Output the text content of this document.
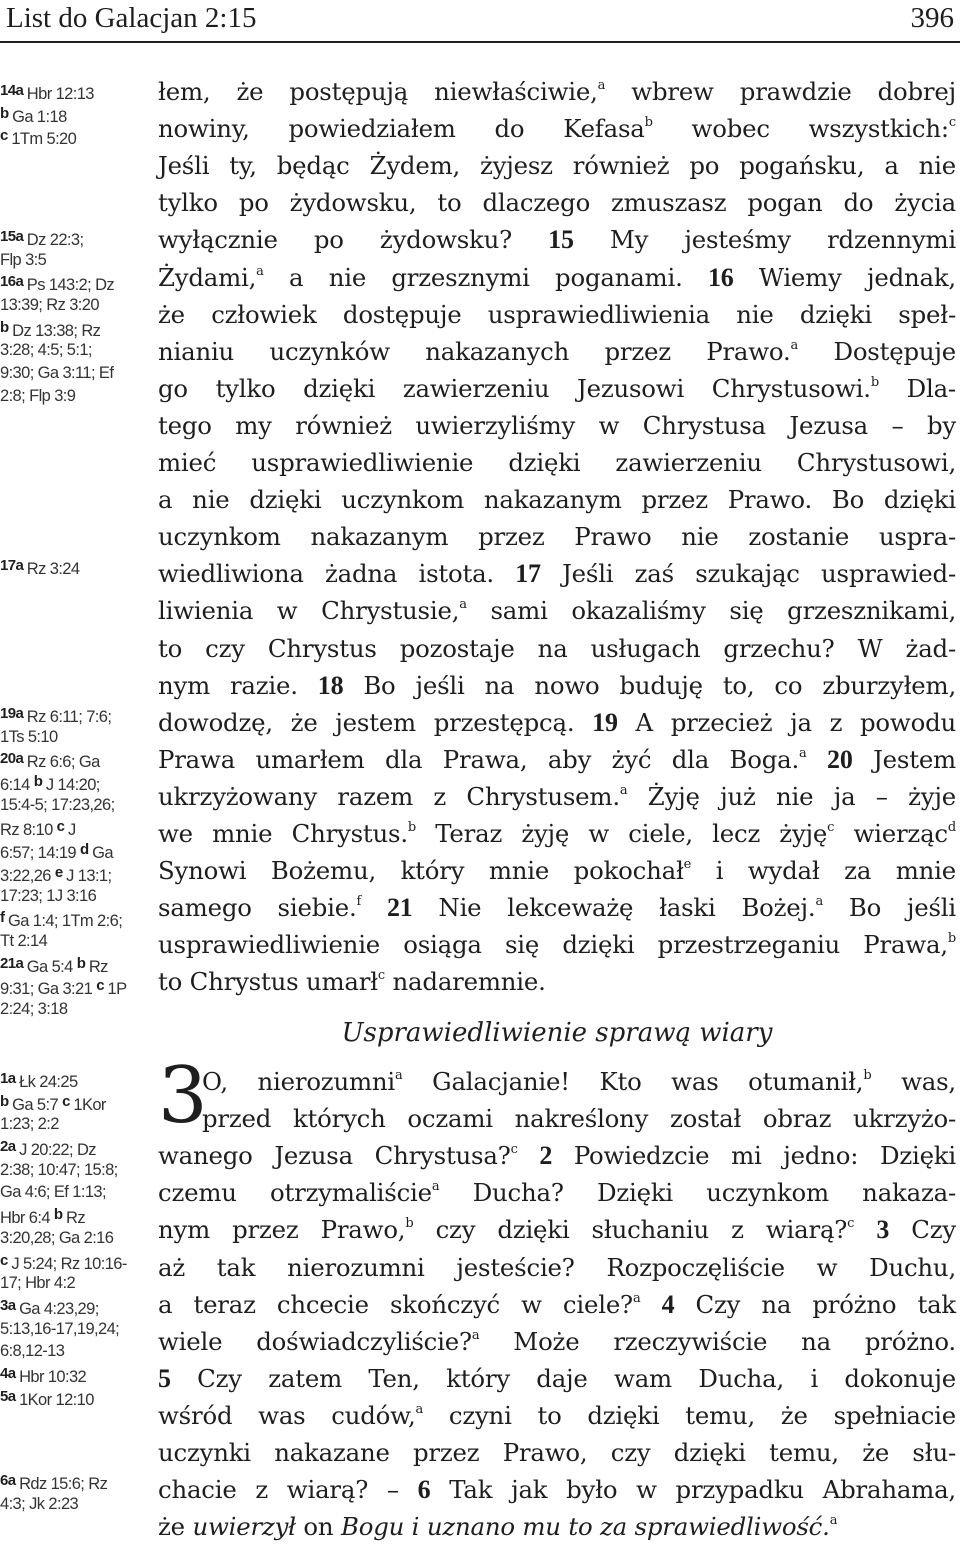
List do Galacjan 2:15	396
14a Hbr 12:13
b Ga 1:18
c 1Tm 5:20
15a Dz 22:3;
Flp 3:5
16a Ps 143:2; Dz
13:39; Rz 3:20
b Dz 13:38; Rz
3:28; 4:5; 5:1;
9:30; Ga 3:11; Ef
2:8; Flp 3:9
17a Rz 3:24
19a Rz 6:11; 7:6;
1Ts 5:10
20a Rz 6:6; Ga
6:14 b J 14:20;
15:4-5; 17:23,26;
Rz 8:10 c J
6:57; 14:19 d Ga
3:22,26 e J 13:1;
17:23; 1J 3:16
f Ga 1:4; 1Tm 2:6;
Tt 2:14
21a Ga 5:4 b Rz
9:31; Ga 3:21 c 1P
2:24; 3:18
1a Łk 24:25
b Ga 5:7 c 1Kor
1:23; 2:2
2a J 20:22; Dz
2:38; 10:47; 15:8;
Ga 4:6; Ef 1:13;
Hbr 6:4 b Rz
3:20,28; Ga 2:16
c J 5:24; Rz 10:16-
17; Hbr 4:2
3a Ga 4:23,29;
5:13,16-17,19,24;
6:8,12-13
4a Hbr 10:32
5a 1Kor 12:10
6a Rdz 15:6; Rz
4:3; Jk 2:23
łem, że postępują niewłaściwie,$^a$ wbrew prawdzie dobrej
nowiny, powiedziałem do Kefasa$^b$ wobec wszystkich:$^c$
Jeśli ty, będąc Żydem, żyjesz również po pogańsku, a nie
tylko po żydowsku, to dlaczego zmuszasz pogan do życia
wyłącznie po żydowsku? 15 My jesteśmy rdzennymi
Żydami,$^a$ a nie grzesznymi poganami. 16 Wiemy jednak,
że człowiek dostępuje usprawiedliwienia nie dzięki speł-
nianiu uczynków nakazanych przez Prawo.$^a$ Dostępuje
go tylko dzięki zawierzeniu Jezusowi Chrystusowi.$^b$ Dla-
tego my również uwierzyliśmy w Chrystusa Jezusa – by
mieć usprawiedliwienie dzięki zawierzeniu Chrystusowi,
a nie dzięki uczynkom nakazanym przez Prawo. Bo dzięki
uczynkom nakazanym przez Prawo nie zostanie uspra-
wiedliwiona żadna istota. 17 Jeśli zaś szukając usprawied-
liwienia w Chrystusie,$^a$ sami okazaliśmy się grzesznikami,
to czy Chrystus pozostaje na usługach grzechu? W żad-
nym razie. 18 Bo jeśli na nowo buduję to, co zburzyłem,
dowodzę, że jestem przestępcą. 19 A przecież ja z powodu
Prawa umarłem dla Prawa, aby żyć dla Boga.$^a$ 20 Jestem
ukrzyżowany razem z Chrystusem.$^a$ Żyję już nie ja – żyje
we mnie Chrystus.$^b$ Teraz żyję w ciele, lecz żyję$^c$ wierząc$^d$
Synowi Bożemu, który mnie pokochał$^e$ i wydał za mnie
samego siebie.$^f$ 21 Nie lekceważę łaski Bożej.$^a$ Bo jeśli
usprawiedliwienie osiąga się dzięki przestrzeganiu Prawa,$^b$
to Chrystus umarł$^c$ nadaremnie.
O, nierozumni$^a$ Galacjanie! Kto was otumanił,$^b$ was,
przed których oczami nakreślony został obraz ukrzyżo-
wanego Jezusa Chrystusa?$^c$ 2 Powiedzcie mi jedno: Dzięki
czemu otrzymaliście$^a$ Ducha? Dzięki uczynkom nakaza-
nym przez Prawo,$^b$ czy dzięki słuchaniu z wiarą?$^c$ 3 Czy
aż tak nierozumni jesteście? Rozpoczęliście w Duchu,
a teraz chcecie skończyć w ciele?$^a$ 4 Czy na próżno tak
wiele doświadczyliście?$^a$ Może rzeczywiście na próżno.
5 Czy zatem Ten, który daje wam Ducha, i dokonuje
wśród was cudów,$^a$ czyni to dzięki temu, że spełniacie
uczynki nakazane przez Prawo, czy dzięki temu, że słu-
chacie z wiarą? – 6 Tak jak było w przypadku Abrahama,
że uwierzył on Bogu i uznano mu to za sprawiedliwość.$^a$
Usprawiedliwienie sprawą wiary
3
